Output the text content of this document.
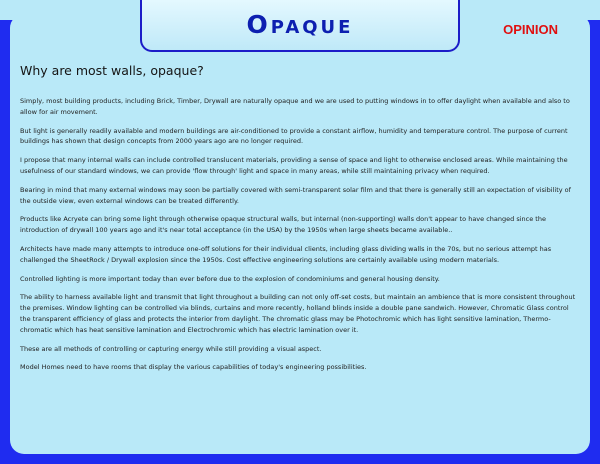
Opaque	OPINION
Why are most walls, opaque?

Simply, most building products, including Brick, Timber, Drywall are naturally opaque and we are used to putting windows in to offer daylight when available and also to allow for air movement.

But light is generally readily available and modern buildings are air-conditioned to provide a constant airflow, humidity and temperature control. The purpose of current buildings has shown that design concepts from 2000 years ago are no longer required.

I propose that many internal walls can include controlled translucent materials, providing a sense of space and light to otherwise enclosed areas. While maintaining the usefulness of our standard windows, we can provide 'flow through' light and space in many areas, while still maintaining privacy when required.

Bearing in mind that many external windows may soon be partially covered with semi-transparent solar film and that there is generally still an expectation of visibility of the outside view, even external windows can be treated differently.

Products like Acryete can bring some light through otherwise opaque structural walls, but internal (non-supporting) walls don't appear to have changed since the introduction of drywall 100 years ago and it's near total acceptance (in the USA) by the 1950s when large sheets became available..

Architects have made many attempts to introduce one-off solutions for their individual clients, including glass dividing walls in the 70s, but no serious attempt has challenged the SheetRock / Drywall explosion since the 1950s. Cost effective engineering solutions are certainly available using modern materials.

Controlled lighting is more important today than ever before due to the explosion of condominiums and general housing density.

The ability to harness available light and transmit that light throughout a building can not only off-set costs, but maintain an ambience that is more consistent throughout the premises. Window lighting can be controlled via blinds, curtains and more recently, holland blinds inside a double pane sandwich. However, Chromatic Glass control the transparent efficiency of glass and protects the interior from daylight. The chromatic glass may be Photochromic which has light sensitive lamination, Thermo-chromatic which has heat sensitive lamination and Electrochromic which has electric lamination over it.

These are all methods of controlling or capturing energy while still providing a visual aspect.

Model Homes need to have rooms that display the various capabilities of today's engineering possibilities.
